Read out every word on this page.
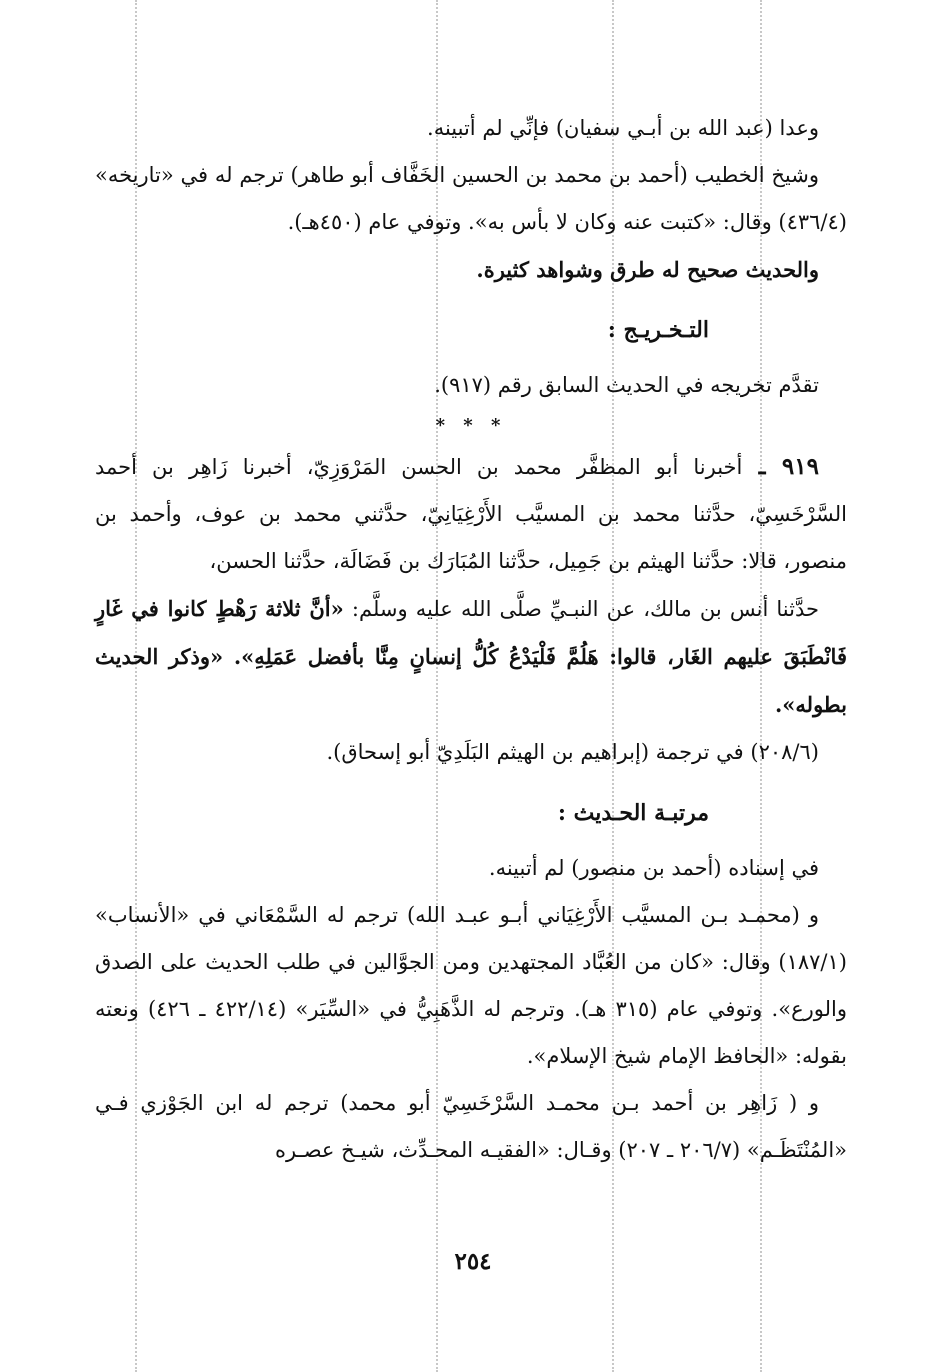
وعدا (عبد الله بن أبـي سفيان) فإنِّي لم أتبينه.

وشيخ الخطيب (أحمد بن محمد بن الحسين الخَفَّاف أبو طاهر) ترجم له في «تاريخه» (٤٣٦/٤) وقال: «كتبت عنه وكان لا بأس به». وتوفي عام (٤٥٠هـ).

والحديث صحيح له طرق وشواهد كثيرة.

التـخـريـج :

تقدَّم تخريجه في الحديث السابق رقم (٩١٧).

* * *

٩١٩ ـ أخبرنا أبو المظفَّر محمد بن الحسن المَرْوَزِيّ، أخبرنا زَاهِر بن أحمد السَّرْخَسِيّ، حدَّثنا محمد بن المسيَّب الأَرْغِيَانِيّ، حدَّثني محمد بن عوف، وأحمد بن منصور، قالا: حدَّثنا الهيثم بن جَمِيل، حدَّثنا المُبَارَك بن فَضَالَة، حدَّثنا الحسن،

حدَّثنا أنس بن مالك، عن النبـيِّ صلَّى الله عليه وسلَّم: «أنَّ ثلاثة رَهْطٍ كانوا في غَارٍ فَانْطَبَقَ عليهم الغَار، قالوا: هَلُمَّ فَلْيَدْعُ كُلُّ إنسانٍ مِنَّا بأفضل عَمَلِهِ». «وذكر الحديث بطوله».

(٢٠٨/٦) في ترجمة (إبراهيم بن الهيثم البَلَدِيّ أبو إسحاق).

مرتبـة الحـديث :

في إسناده (أحمد بن منصور) لم أتبينه.

و (محمـد بـن المسيَّب الأَرْغِيَاني أبـو عبـد الله) ترجم له السَّمْعَاني في «الأنساب» (١٨٧/١) وقال: «كان من العُبَّاد المجتهدين ومن الجوَّالين في طلب الحديث على الصدق والورع». وتوفي عام (٣١٥ هـ). وترجم له الذَّهَبِيُّ في «السِّيَر» (٤٢٢/١٤ ـ ٤٢٦) ونعته بقوله: «الحافظ الإمام شيخ الإسلام».

و ( زَاهِر بن أحمد بـن محمـد السَّرْخَسِيّ أبو محمد) ترجم له ابن الجَوْزي فـي «المُنْتَظَـم» (٢٠٦/٧ ـ ٢٠٧) وقـال: «الفقيـه المحـدِّث، شيـخ عصـره

٢٥٤
